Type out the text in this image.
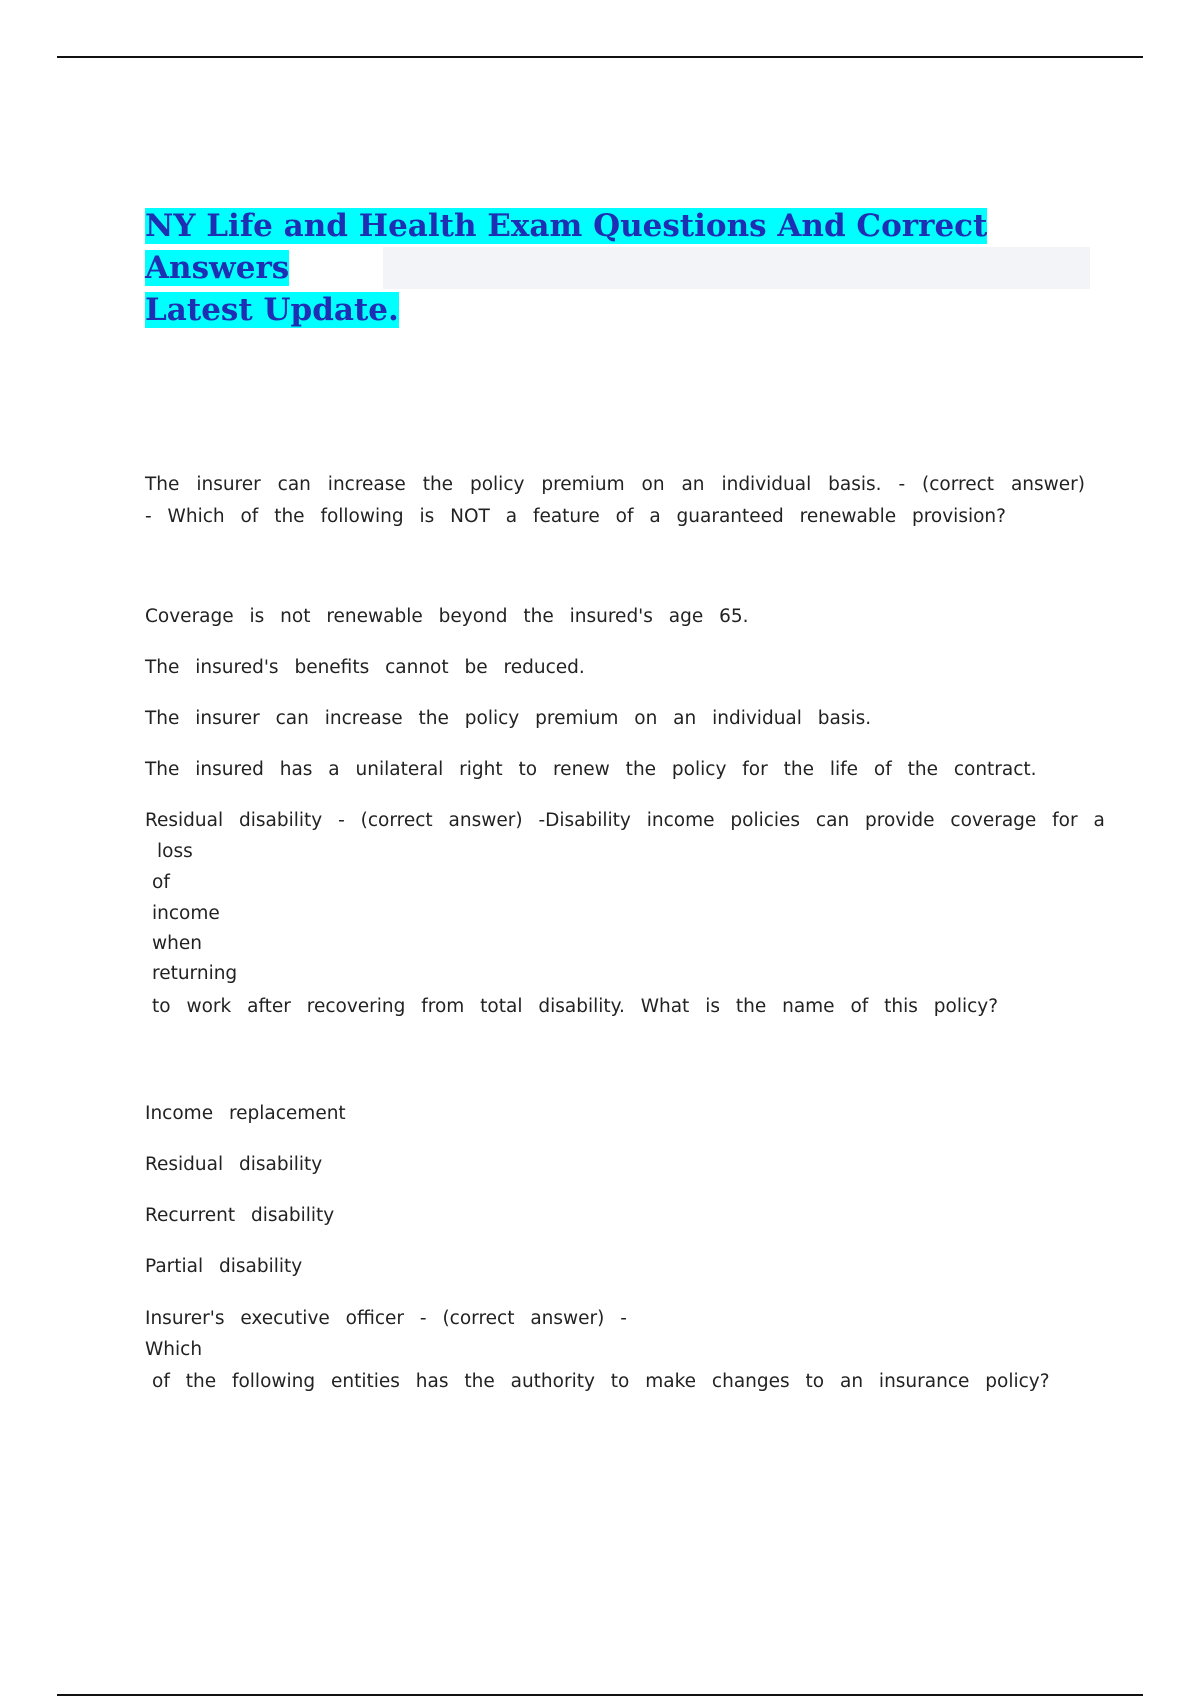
NY Life and Health Exam Questions And Correct Answers
Latest Update.

The insurer can increase the policy premium on an individual basis. - (correct answer) - Which of the following is NOT a feature of a guaranteed renewable provision?

Coverage is not renewable beyond the insured's age 65.
The insured's benefits cannot be reduced.
The insurer can increase the policy premium on an individual basis.
The insured has a unilateral right to renew the policy for the life of the contract.
Residual disability - (correct answer) -Disability income policies can provide coverage for a
loss
of
income
when
returning
to work after recovering from total disability. What is the name of this policy?
Income replacement
Residual disability
Recurrent disability
Partial disability
Insurer's executive officer - (correct answer) -
Which
of the following entities has the authority to make changes to an insurance policy?
